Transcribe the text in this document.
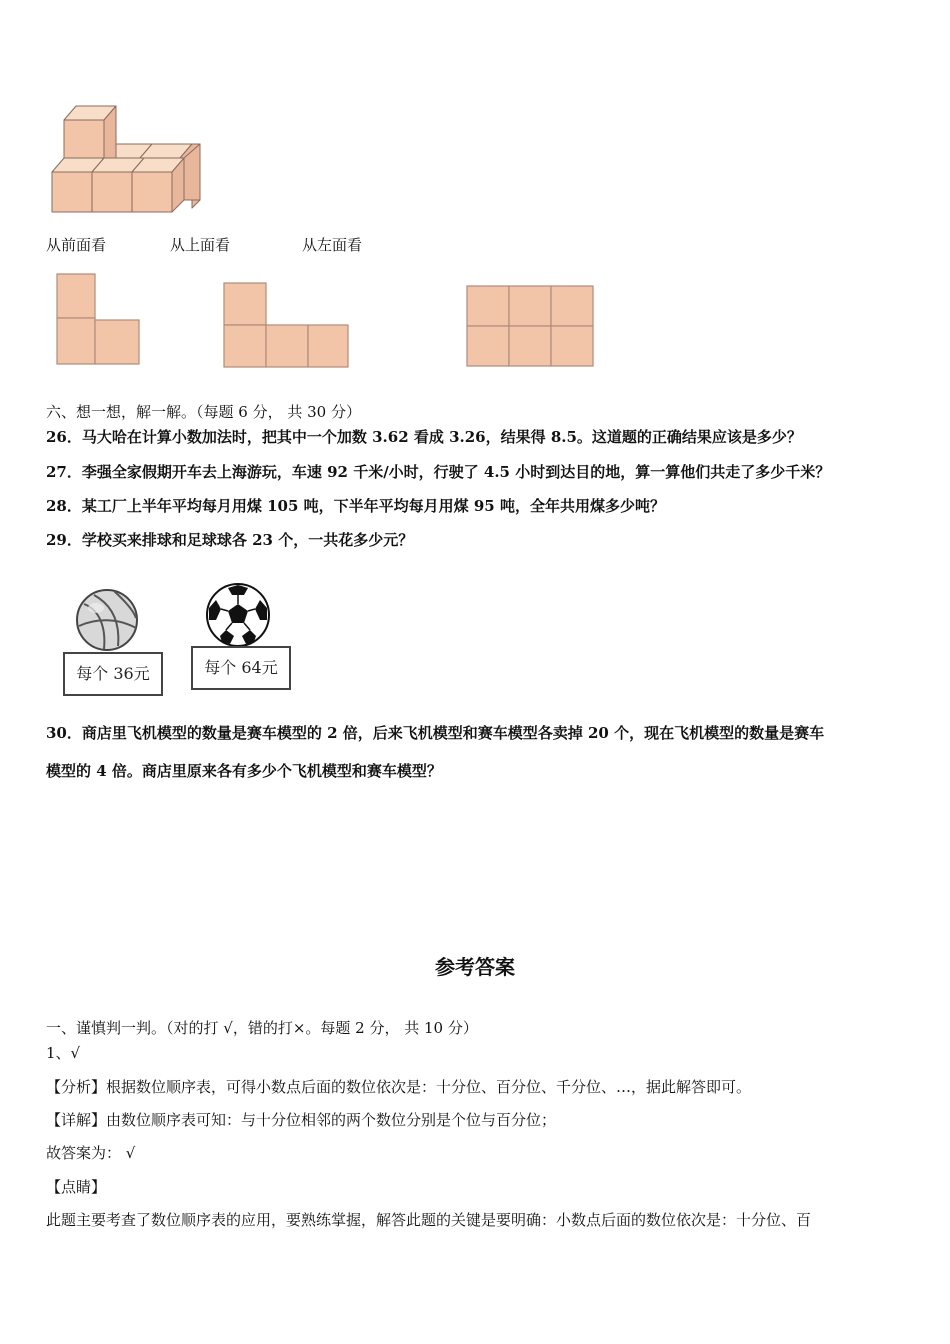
从前面看	从上面看	从左面看
六、想一想，解一解。（每题 6 分， 共 30 分）
26．马大哈在计算小数加法时，把其中一个加数 3.62 看成 3.26，结果得 8.5。这道题的正确结果应该是多少？
27．李强全家假期开车去上海游玩，车速 92 千米/小时，行驶了 4.5 小时到达目的地，算一算他们共走了多少千米？
28．某工厂上半年平均每月用煤 105 吨，下半年平均每月用煤 95 吨，全年共用煤多少吨？
29．学校买来排球和足球球各 23 个，一共花多少元？
每个 36元	每个 64元
30．商店里飞机模型的数量是赛车模型的 2 倍，后来飞机模型和赛车模型各卖掉 20 个，现在飞机模型的数量是赛车
模型的 4 倍。商店里原来各有多少个飞机模型和赛车模型？
参考答案
一、谨慎判一判。（对的打 √，错的打×。每题 2 分， 共 10 分）
1、√
【分析】根据数位顺序表，可得小数点后面的数位依次是：十分位、百分位、千分位、…，据此解答即可。
【详解】由数位顺序表可知：与十分位相邻的两个数位分别是个位与百分位；
故答案为： √
【点睛】
此题主要考查了数位顺序表的应用，要熟练掌握，解答此题的关键是要明确：小数点后面的数位依次是：十分位、百
